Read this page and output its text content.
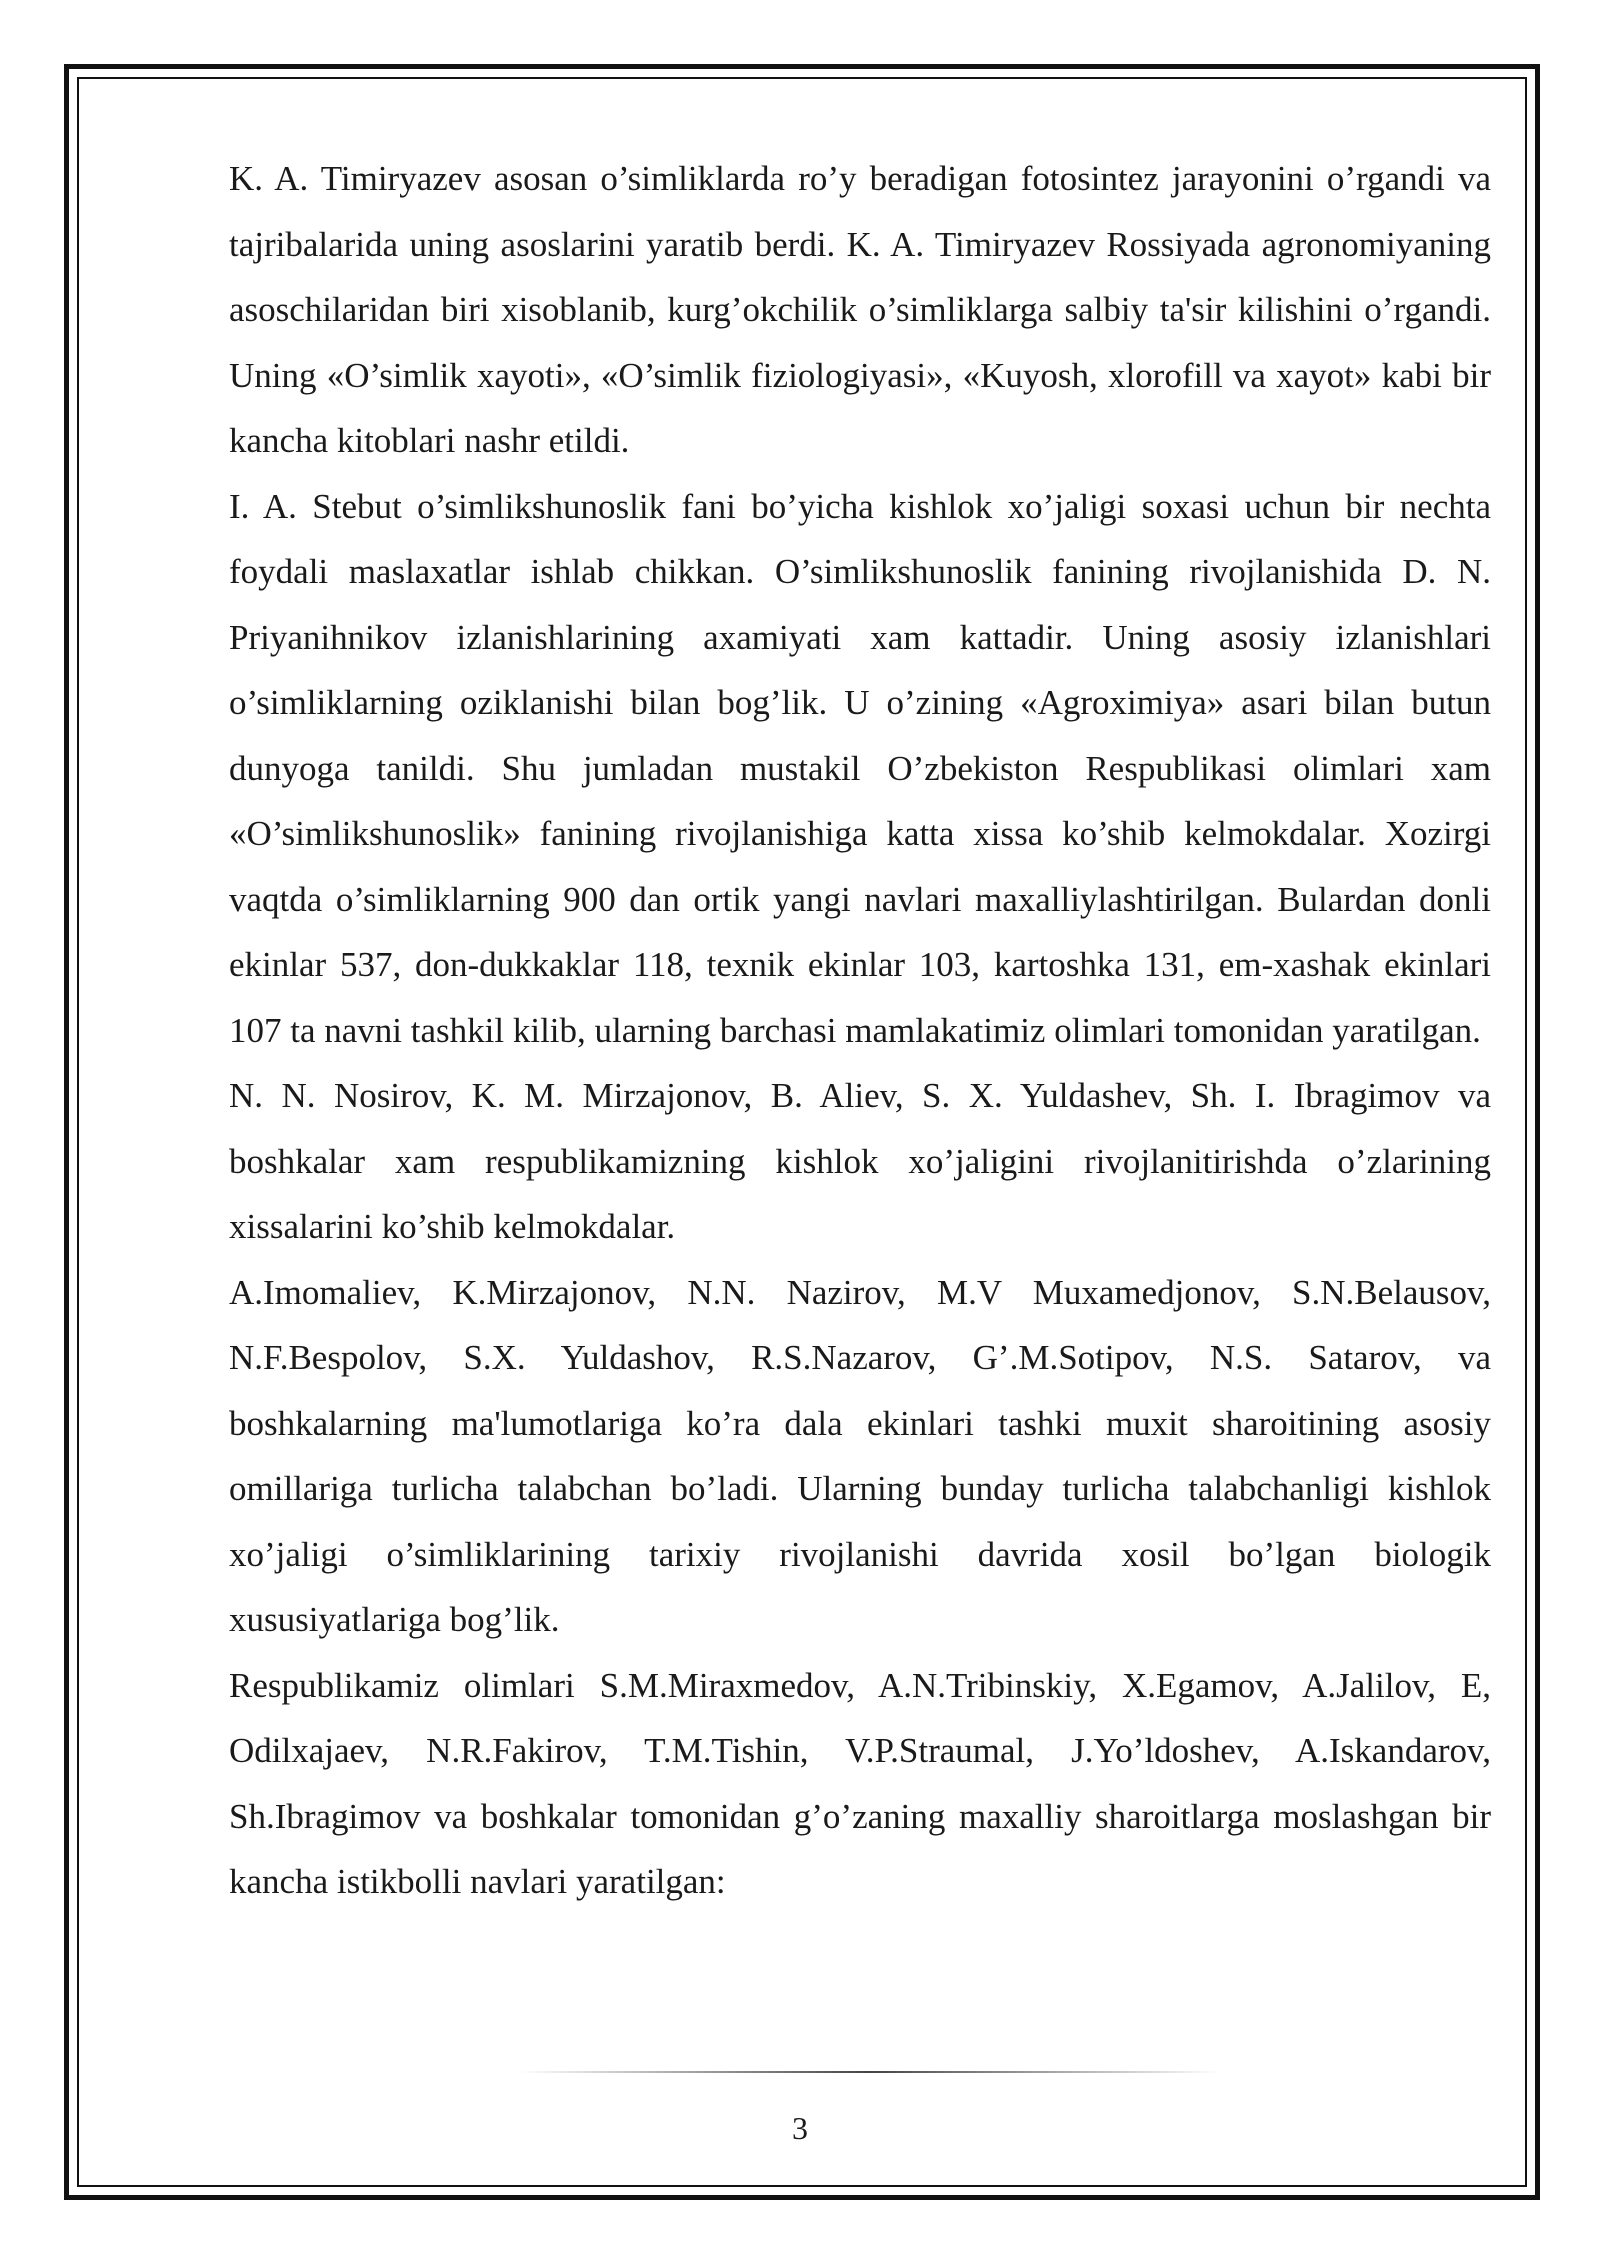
K. A. Timiryazev asosan o’simliklarda ro’y beradigan fotosintez jarayonini o’rgandi va tajribalarida uning asoslarini yaratib berdi. K. A. Timiryazev Rossiyada agronomiyaning asoschilaridan biri xisoblanib, kurg’okchilik o’simliklarga salbiy ta'sir kilishini o’rgandi. Uning «O’simlik xayoti», «O’simlik fiziologiyasi», «Kuyosh, xlorofill va xayot» kabi bir kancha kitoblari nashr etildi.

I. A. Stebut o’simlikshunoslik fani bo’yicha kishlok xo’jaligi soxasi uchun bir nechta foydali maslaxatlar ishlab chikkan. O’simlikshunoslik fanining rivojlanishida D. N. Priyanihnikov izlanishlarining axamiyati xam kattadir. Uning asosiy izlanishlari o’simliklarning oziklanishi bilan bog’lik. U o’zining «Agroximiya» asari bilan butun dunyoga tanildi. Shu jumladan mustakil O’zbekiston Respublikasi olimlari xam «O’simlikshunoslik» fanining rivojlanishiga katta xissa ko’shib kelmokdalar. Xozirgi vaqtda o’simliklarning 900 dan ortik yangi navlari maxalliylashtirilgan. Bulardan donli ekinlar 537, don-dukkaklar 118, texnik ekinlar 103, kartoshka 131, em-xashak ekinlari 107 ta navni tashkil kilib, ularning barchasi mamlakatimiz olimlari tomonidan yaratilgan.

N. N. Nosirov, K. M. Mirzajonov, B. Aliev, S. X. Yuldashev, Sh. I. Ibragimov va boshkalar xam respublikamizning kishlok xo’jaligini rivojlanitirishda o’zlarining xissalarini ko’shib kelmokdalar.

A.Imomaliev, K.Mirzajonov, N.N. Nazirov, M.V Muxamedjonov, S.N.Belausov, N.F.Bespolov, S.X. Yuldashov, R.S.Nazarov, G’.M.Sotipov, N.S. Satarov, va boshkalarning ma'lumotlariga ko’ra dala ekinlari tashki muxit sharoitining asosiy omillariga turlicha talabchan bo’ladi. Ularning bunday turlicha talabchanligi kishlok xo’jaligi o’simliklarining tarixiy rivojlanishi davrida xosil bo’lgan biologik xususiyatlariga bog’lik.

Respublikamiz olimlari S.M.Miraxmedov, A.N.Tribinskiy, X.Egamov, A.Jalilov, E, Odilxajaev, N.R.Fakirov, T.M.Tishin, V.P.Straumal, J.Yo’ldoshev, A.Iskandarov, Sh.Ibragimov va boshkalar tomonidan g’o’zaning maxalliy sharoitlarga moslashgan bir kancha istikbolli navlari yaratilgan:

3
